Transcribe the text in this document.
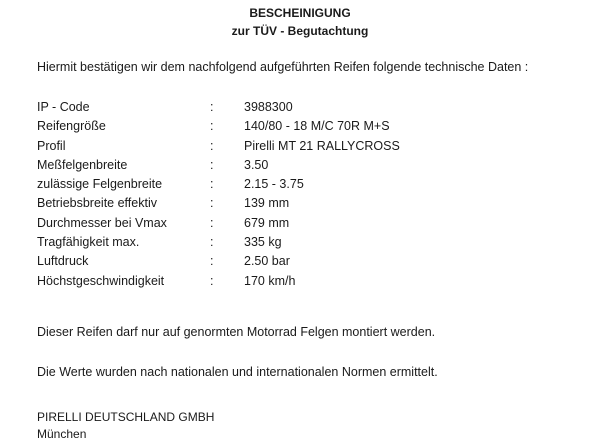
BESCHEINIGUNG
zur TÜV - Begutachtung
Hiermit bestätigen wir dem nachfolgend aufgeführten Reifen folgende technische Daten :
IP - Code	: 3988300
Reifengröße	: 140/80 - 18 M/C 70R M+S
Profil	: Pirelli MT 21 RALLYCROSS
Meßfelgenbreite	: 3.50
zulässige Felgenbreite	: 2.15 - 3.75
Betriebsbreite effektiv	: 139 mm
Durchmesser bei Vmax	: 679 mm
Tragfähigkeit max.	: 335 kg
Luftdruck	: 2.50 bar
Höchstgeschwindigkeit	: 170 km/h
Dieser Reifen darf nur auf genormten Motorrad Felgen montiert werden.
Die Werte wurden nach nationalen und internationalen Normen ermittelt.
PIRELLI DEUTSCHLAND GMBH
München
